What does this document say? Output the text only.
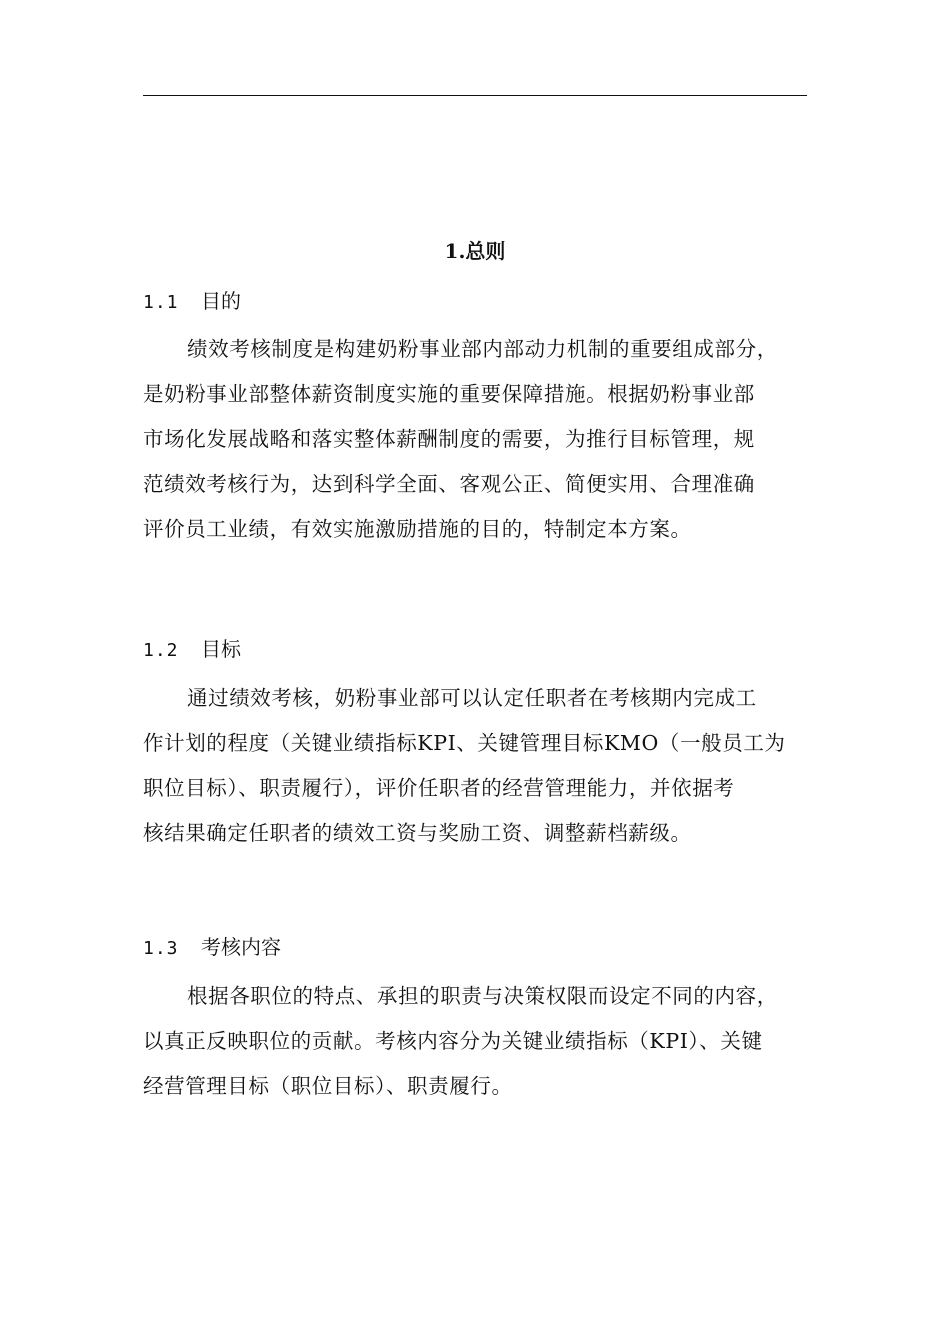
1.总则
1.1 目的
绩效考核制度是构建奶粉事业部内部动力机制的重要组成部分，
是奶粉事业部整体薪资制度实施的重要保障措施。根据奶粉事业部
市场化发展战略和落实整体薪酬制度的需要，为推行目标管理，规
范绩效考核行为，达到科学全面、客观公正、简便实用、合理准确
评价员工业绩，有效实施激励措施的目的，特制定本方案。
1.2 目标
通过绩效考核，奶粉事业部可以认定任职者在考核期内完成工
作计划的程度（关键业绩指标KPI、关键管理目标KMO（一般员工为
职位目标）、职责履行），评价任职者的经营管理能力，并依据考
核结果确定任职者的绩效工资与奖励工资、调整薪档薪级。
1.3 考核内容
根据各职位的特点、承担的职责与决策权限而设定不同的内容，
以真正反映职位的贡献。考核内容分为关键业绩指标（KPI）、关键
经营管理目标（职位目标）、职责履行。
